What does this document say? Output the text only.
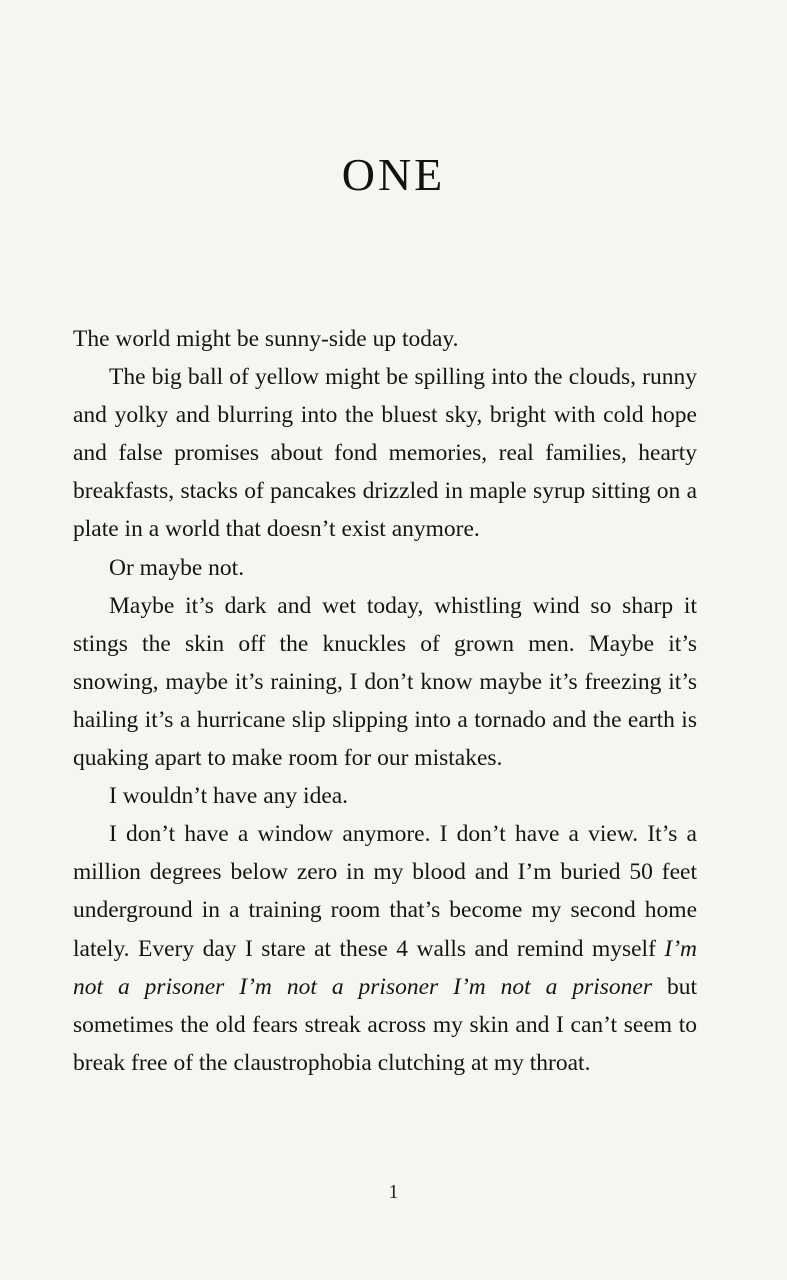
ONE

The world might be sunny-side up today.

The big ball of yellow might be spilling into the clouds, runny and yolky and blurring into the bluest sky, bright with cold hope and false promises about fond memories, real families, hearty breakfasts, stacks of pancakes drizzled in maple syrup sitting on a plate in a world that doesn’t exist anymore.

Or maybe not.

Maybe it’s dark and wet today, whistling wind so sharp it stings the skin off the knuckles of grown men. Maybe it’s snowing, maybe it’s raining, I don’t know maybe it’s freezing it’s hailing it’s a hurricane slip slipping into a tornado and the earth is quaking apart to make room for our mistakes.

I wouldn’t have any idea.

I don’t have a window anymore. I don’t have a view. It’s a million degrees below zero in my blood and I’m buried 50 feet underground in a training room that’s become my second home lately. Every day I stare at these 4 walls and remind myself I’m not a prisoner I’m not a prisoner I’m not a prisoner but sometimes the old fears streak across my skin and I can’t seem to break free of the claustrophobia clutching at my throat.

1
